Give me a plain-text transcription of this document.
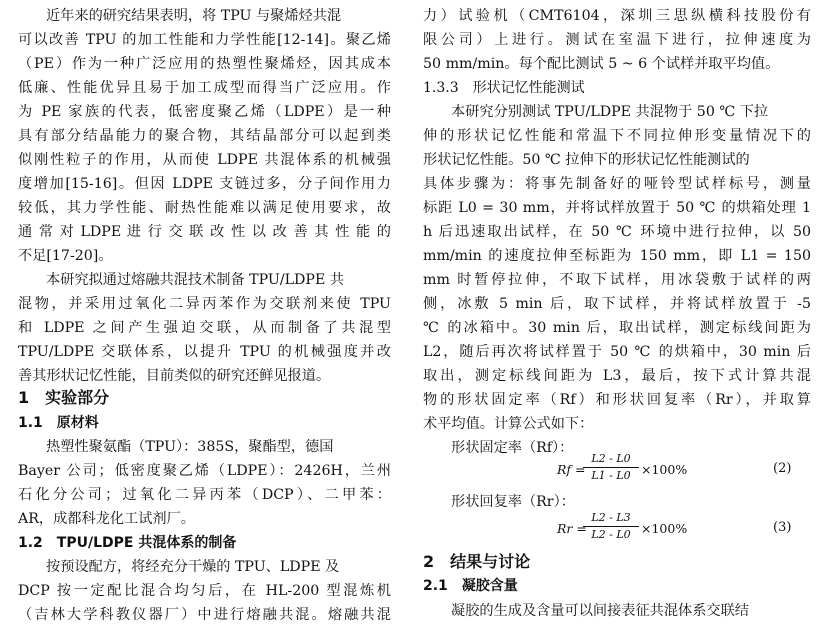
近年来的研究结果表明，将 TPU 与聚烯烃共混
可以改善 TPU 的加工性能和力学性能[12-14]。聚乙烯
（PE）作为一种广泛应用的热塑性聚烯烃，因其成本
低廉、性能优异且易于加工成型而得当广泛应用。作
为 PE 家族的代表，低密度聚乙烯（LDPE）是一种
具有部分结晶能力的聚合物，其结晶部分可以起到类
似刚性粒子的作用，从而使 LDPE 共混体系的机械强
度增加[15-16]。但因 LDPE 支链过多，分子间作用力
较低，其力学性能、耐热性能难以满足使用要求，故
通 常 对 LDPE 进 行 交 联 改 性 以 改 善 其 性 能 的
不足[17-20]。
本研究拟通过熔融共混技术制备 TPU/LDPE 共
混物，并采用过氧化二异丙苯作为交联剂来使 TPU
和 LDPE 之间产生强迫交联，从而制备了共混型
TPU/LDPE 交联体系，以提升 TPU 的机械强度并改
善其形状记忆性能，目前类似的研究还鲜见报道。
1　实验部分
1.1　原材料
热塑性聚氨酯（TPU）：385S，聚酯型，德国
Bayer 公司；低密度聚乙烯（LDPE）：2426H，兰州
石化分公司；过氧化二异丙苯（DCP）、二甲苯：
AR，成都科龙化工试剂厂。
1.2　TPU/LDPE 共混体系的制备
按预设配方，将经充分干燥的 TPU、LDPE 及
DCP 按一定配比混合均匀后，在 HL-200 型混炼机
（吉林大学科教仪器厂）中进行熔融共混。熔融共混
力）试验机（CMT6104，深圳三思纵横科技股份有
限公司）上进行。测试在室温下进行，拉伸速度为
50 mm/min。每个配比测试 5 ~ 6 个试样并取平均值。
1.3.3　形状记忆性能测试
本研究分别测试 TPU/LDPE 共混物于 50 ℃ 下拉
伸的形状记忆性能和常温下不同拉伸形变量情况下的
形状记忆性能。50 ℃ 拉伸下的形状记忆性能测试的
具体步骤为：将事先制备好的哑铃型试样标号，测量
标距 L0 = 30 mm，并将试样放置于 50 ℃ 的烘箱处理 1
h 后迅速取出试样，在 50 ℃ 环境中进行拉伸，以 50
mm/min 的速度拉伸至标距为 150 mm，即 L1 = 150
mm 时暂停拉伸，不取下试样，用冰袋敷于试样的两
侧，冰敷 5 min 后，取下试样，并将试样放置于 -5
℃ 的冰箱中。30 min 后，取出试样，测定标线间距为
L2，随后再次将试样置于 50 ℃ 的烘箱中，30 min 后
取出，测定标线间距为 L3，最后，按下式计算共混
物的形状固定率（Rf）和形状回复率（Rr），并取算
术平均值。计算公式如下：
形状固定率（Rf）：
Rf =
$\frac{L2 - L0}{L1 - L0} \times 100\%$	(2)
形状回复率（Rr）：
Rr =
$\frac{L2 - L3}{L2 - L0} \times 100\%$	(3)
2　结果与讨论
2.1　凝胶含量
凝胶的生成及含量可以间接表征共混体系交联结
